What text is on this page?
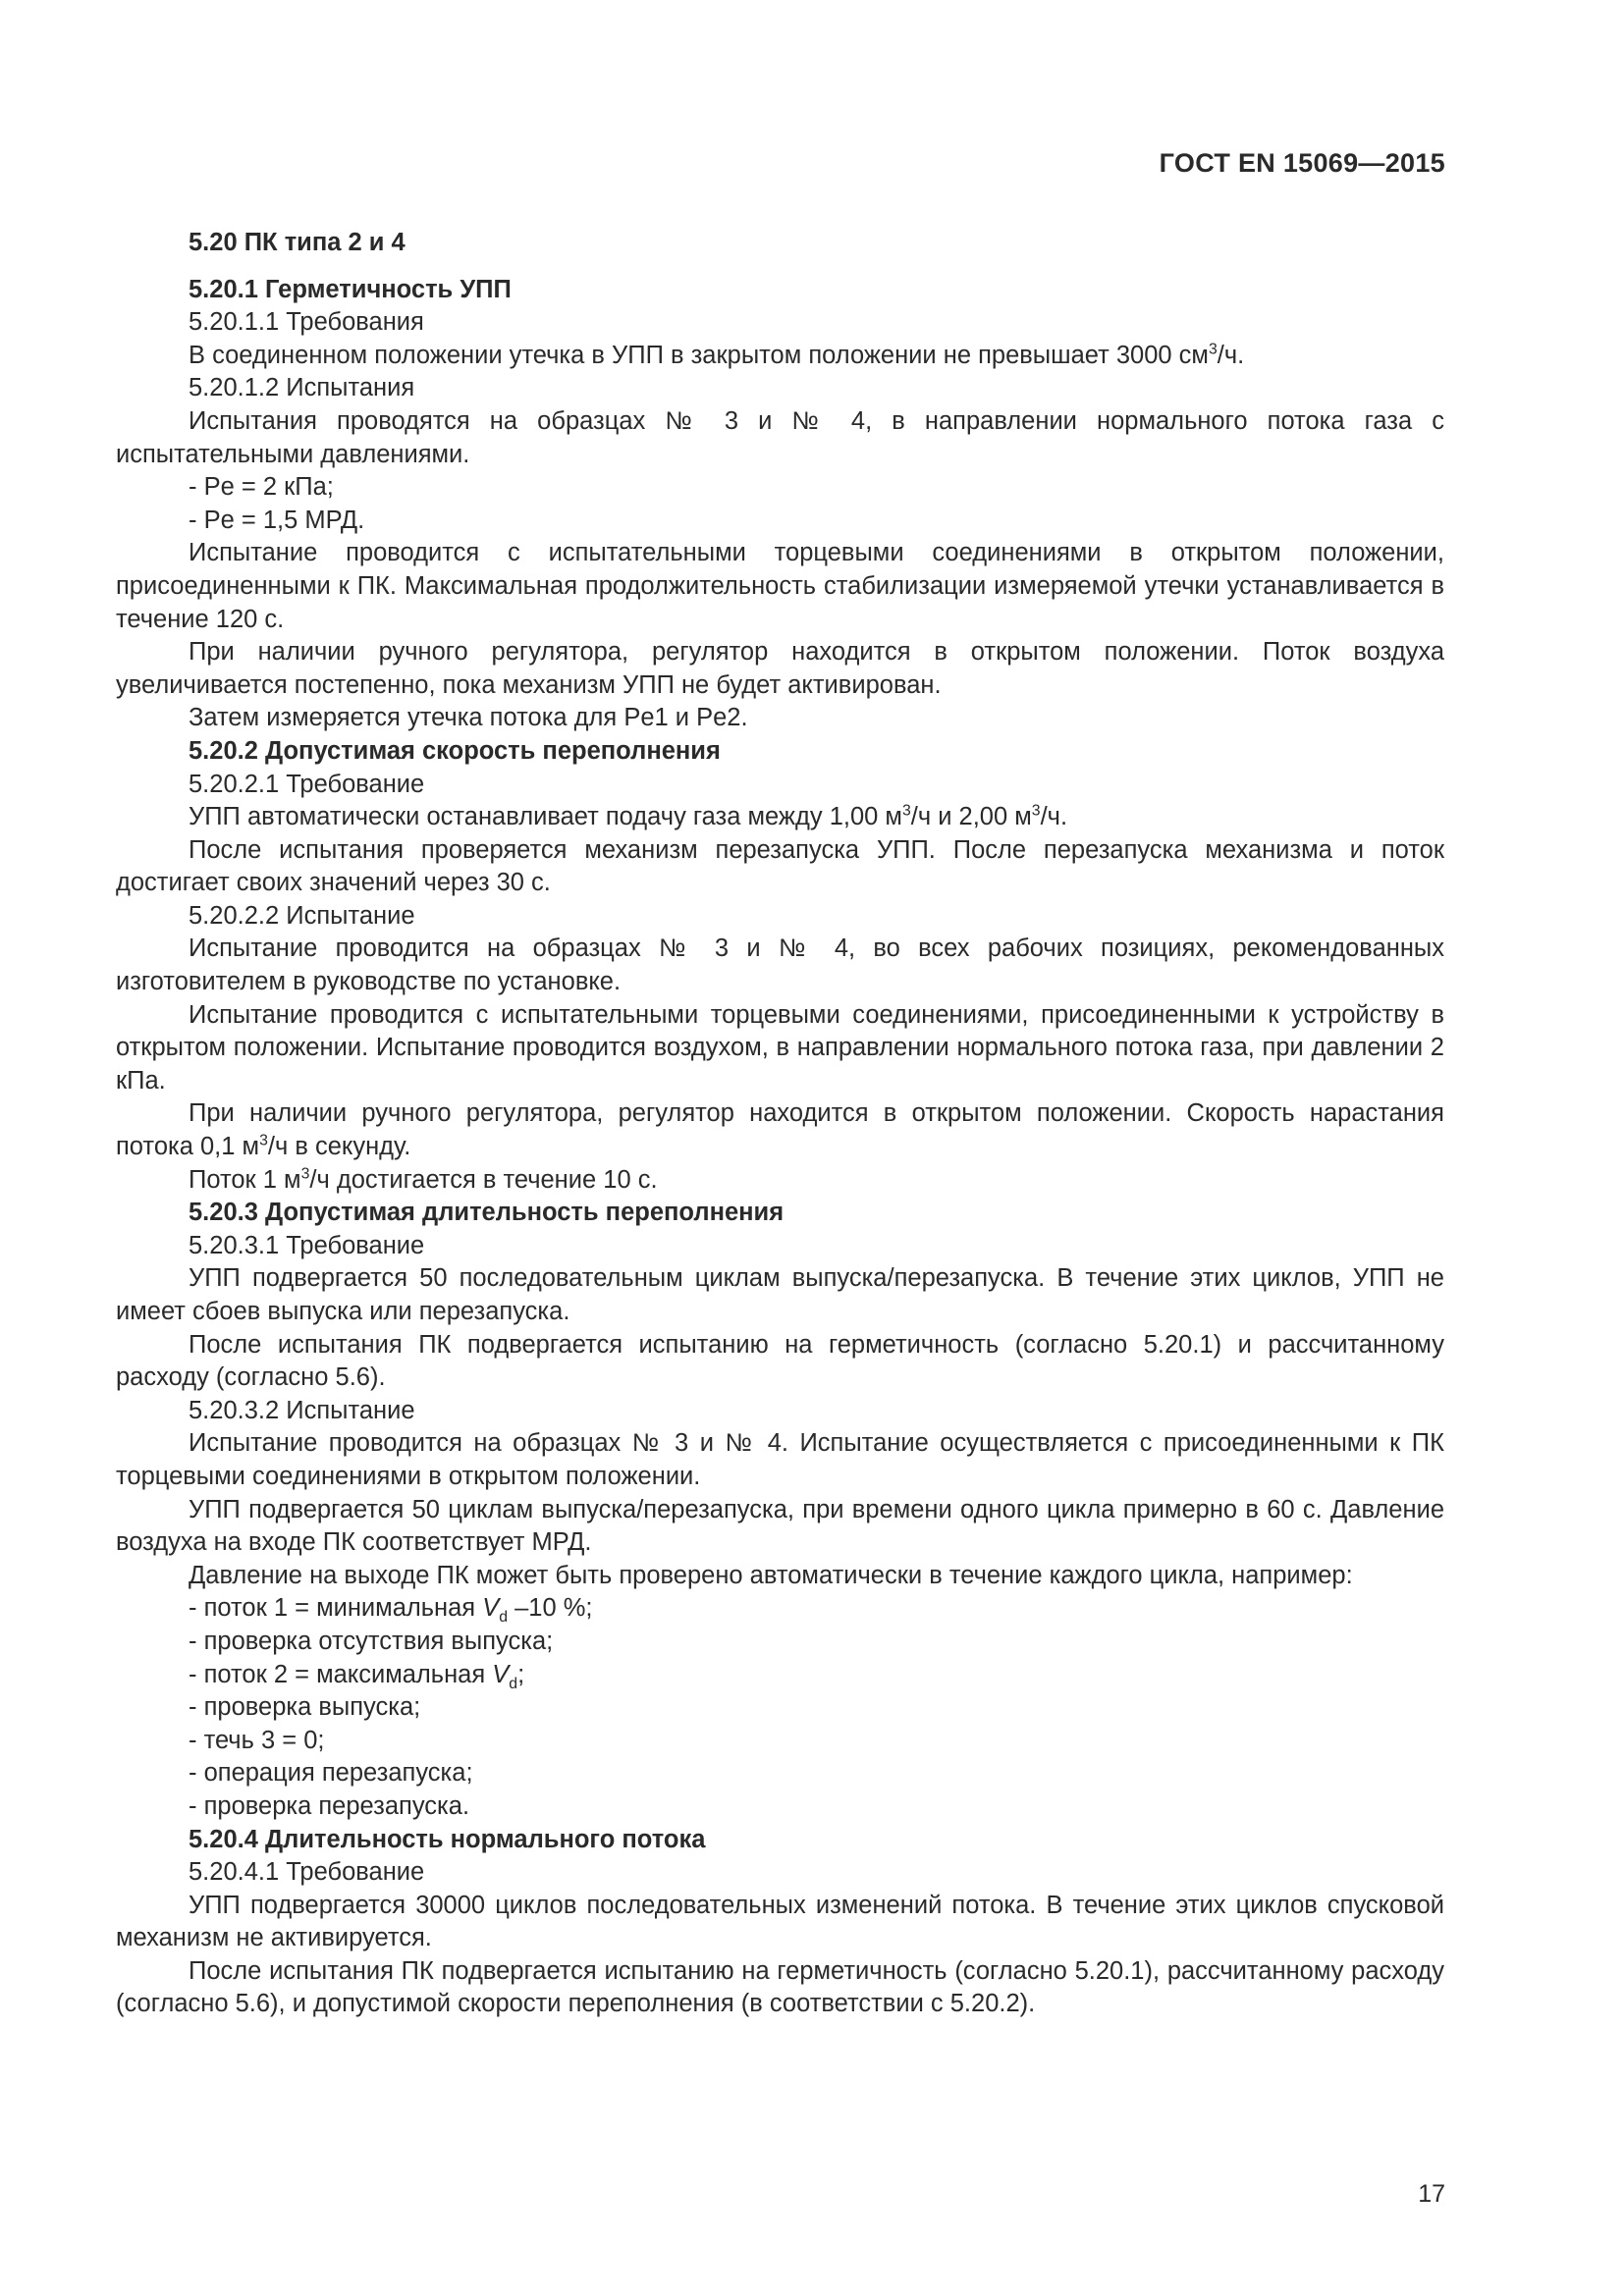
ГОСТ EN 15069—2015

5.20 ПК типа 2 и 4

5.20.1 Герметичность УПП

5.20.1.1 Требования

В соединенном положении утечка в УПП в закрытом положении не превышает 3000 $см^3/ч$.

5.20.1.2 Испытания

Испытания проводятся на образцах № 3 и № 4, в направлении нормального потока газа с испытательными давлениями.

- Pe = 2 кПа;

- Pe = 1,5 МРД.

Испытание проводится с испытательными торцевыми соединениями в открытом положении, присоединенными к ПК. Максимальная продолжительность стабилизации измеряемой утечки устанавливается в течение 120 с.

При наличии ручного регулятора, регулятор находится в открытом положении. Поток воздуха увеличивается постепенно, пока механизм УПП не будет активирован.

Затем измеряется утечка потока для Pe1 и Pe2.

5.20.2 Допустимая скорость переполнения

5.20.2.1 Требование

УПП автоматически останавливает подачу газа между 1,00 $м^3/ч$ и 2,00 $м^3/ч$.

После испытания проверяется механизм перезапуска УПП. После перезапуска механизма и поток достигает своих значений через 30 с.

5.20.2.2 Испытание

Испытание проводится на образцах № 3 и № 4, во всех рабочих позициях, рекомендованных изготовителем в руководстве по установке.

Испытание проводится с испытательными торцевыми соединениями, присоединенными к устройству в открытом положении. Испытание проводится воздухом, в направлении нормального потока газа, при давлении 2 кПа.

При наличии ручного регулятора, регулятор находится в открытом положении. Скорость нарастания потока 0,1 $м^3/ч$ в секунду.

Поток 1 $м^3/ч$ достигается в течение 10 с.

5.20.3 Допустимая длительность переполнения

5.20.3.1 Требование

УПП подвергается 50 последовательным циклам выпуска/перезапуска. В течение этих циклов, УПП не имеет сбоев выпуска или перезапуска.

После испытания ПК подвергается испытанию на герметичность (согласно 5.20.1) и рассчитанному расходу (согласно 5.6).

5.20.3.2 Испытание

Испытание проводится на образцах № 3 и № 4. Испытание осуществляется с присоединенными к ПК торцевыми соединениями в открытом положении.

УПП подвергается 50 циклам выпуска/перезапуска, при времени одного цикла примерно в 60 с. Давление воздуха на входе ПК соответствует МРД.

Давление на выходе ПК может быть проверено автоматически в течение каждого цикла, например:

- поток 1 = минимальная $V_d$ –10 %;

- проверка отсутствия выпуска;

- поток 2 = максимальная $V_d$;

- проверка выпуска;

- течь 3 = 0;

- операция перезапуска;

- проверка перезапуска.

5.20.4 Длительность нормального потока

5.20.4.1 Требование

УПП подвергается 30000 циклов последовательных изменений потока. В течение этих циклов спусковой механизм не активируется.

После испытания ПК подвергается испытанию на герметичность (согласно 5.20.1), рассчитанному расходу (согласно 5.6), и допустимой скорости переполнения (в соответствии с 5.20.2).

17
